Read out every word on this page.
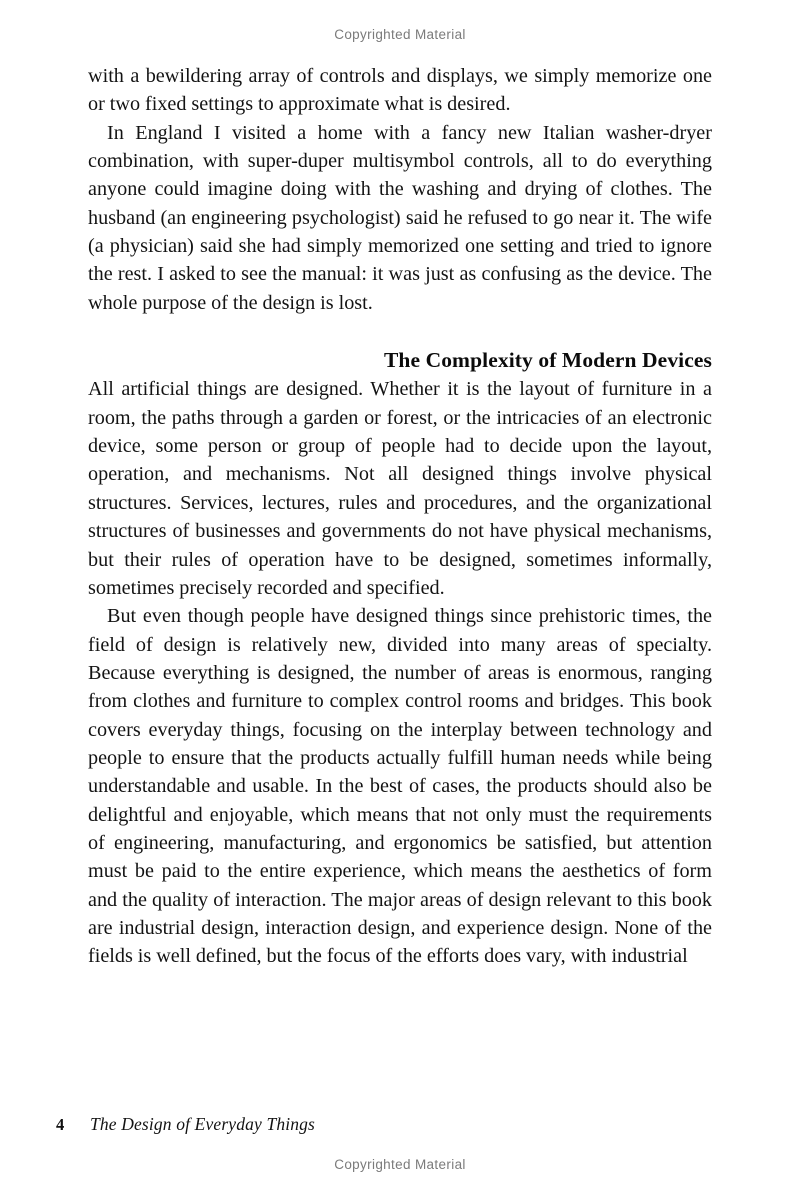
Copyrighted Material

with a bewildering array of controls and displays, we simply memorize one or two fixed settings to approximate what is desired.

In England I visited a home with a fancy new Italian washer-dryer combination, with super-duper multisymbol controls, all to do everything anyone could imagine doing with the washing and drying of clothes. The husband (an engineering psychologist) said he refused to go near it. The wife (a physician) said she had simply memorized one setting and tried to ignore the rest. I asked to see the manual: it was just as confusing as the device. The whole purpose of the design is lost.

The Complexity of Modern Devices

All artificial things are designed. Whether it is the layout of furniture in a room, the paths through a garden or forest, or the intricacies of an electronic device, some person or group of people had to decide upon the layout, operation, and mechanisms. Not all designed things involve physical structures. Services, lectures, rules and procedures, and the organizational structures of businesses and governments do not have physical mechanisms, but their rules of operation have to be designed, sometimes informally, sometimes precisely recorded and specified.

But even though people have designed things since prehistoric times, the field of design is relatively new, divided into many areas of specialty. Because everything is designed, the number of areas is enormous, ranging from clothes and furniture to complex control rooms and bridges. This book covers everyday things, focusing on the interplay between technology and people to ensure that the products actually fulfill human needs while being understandable and usable. In the best of cases, the products should also be delightful and enjoyable, which means that not only must the requirements of engineering, manufacturing, and ergonomics be satisfied, but attention must be paid to the entire experience, which means the aesthetics of form and the quality of interaction. The major areas of design relevant to this book are industrial design, interaction design, and experience design. None of the fields is well defined, but the focus of the efforts does vary, with industrial

4	The Design of Everyday Things
Copyrighted Material
